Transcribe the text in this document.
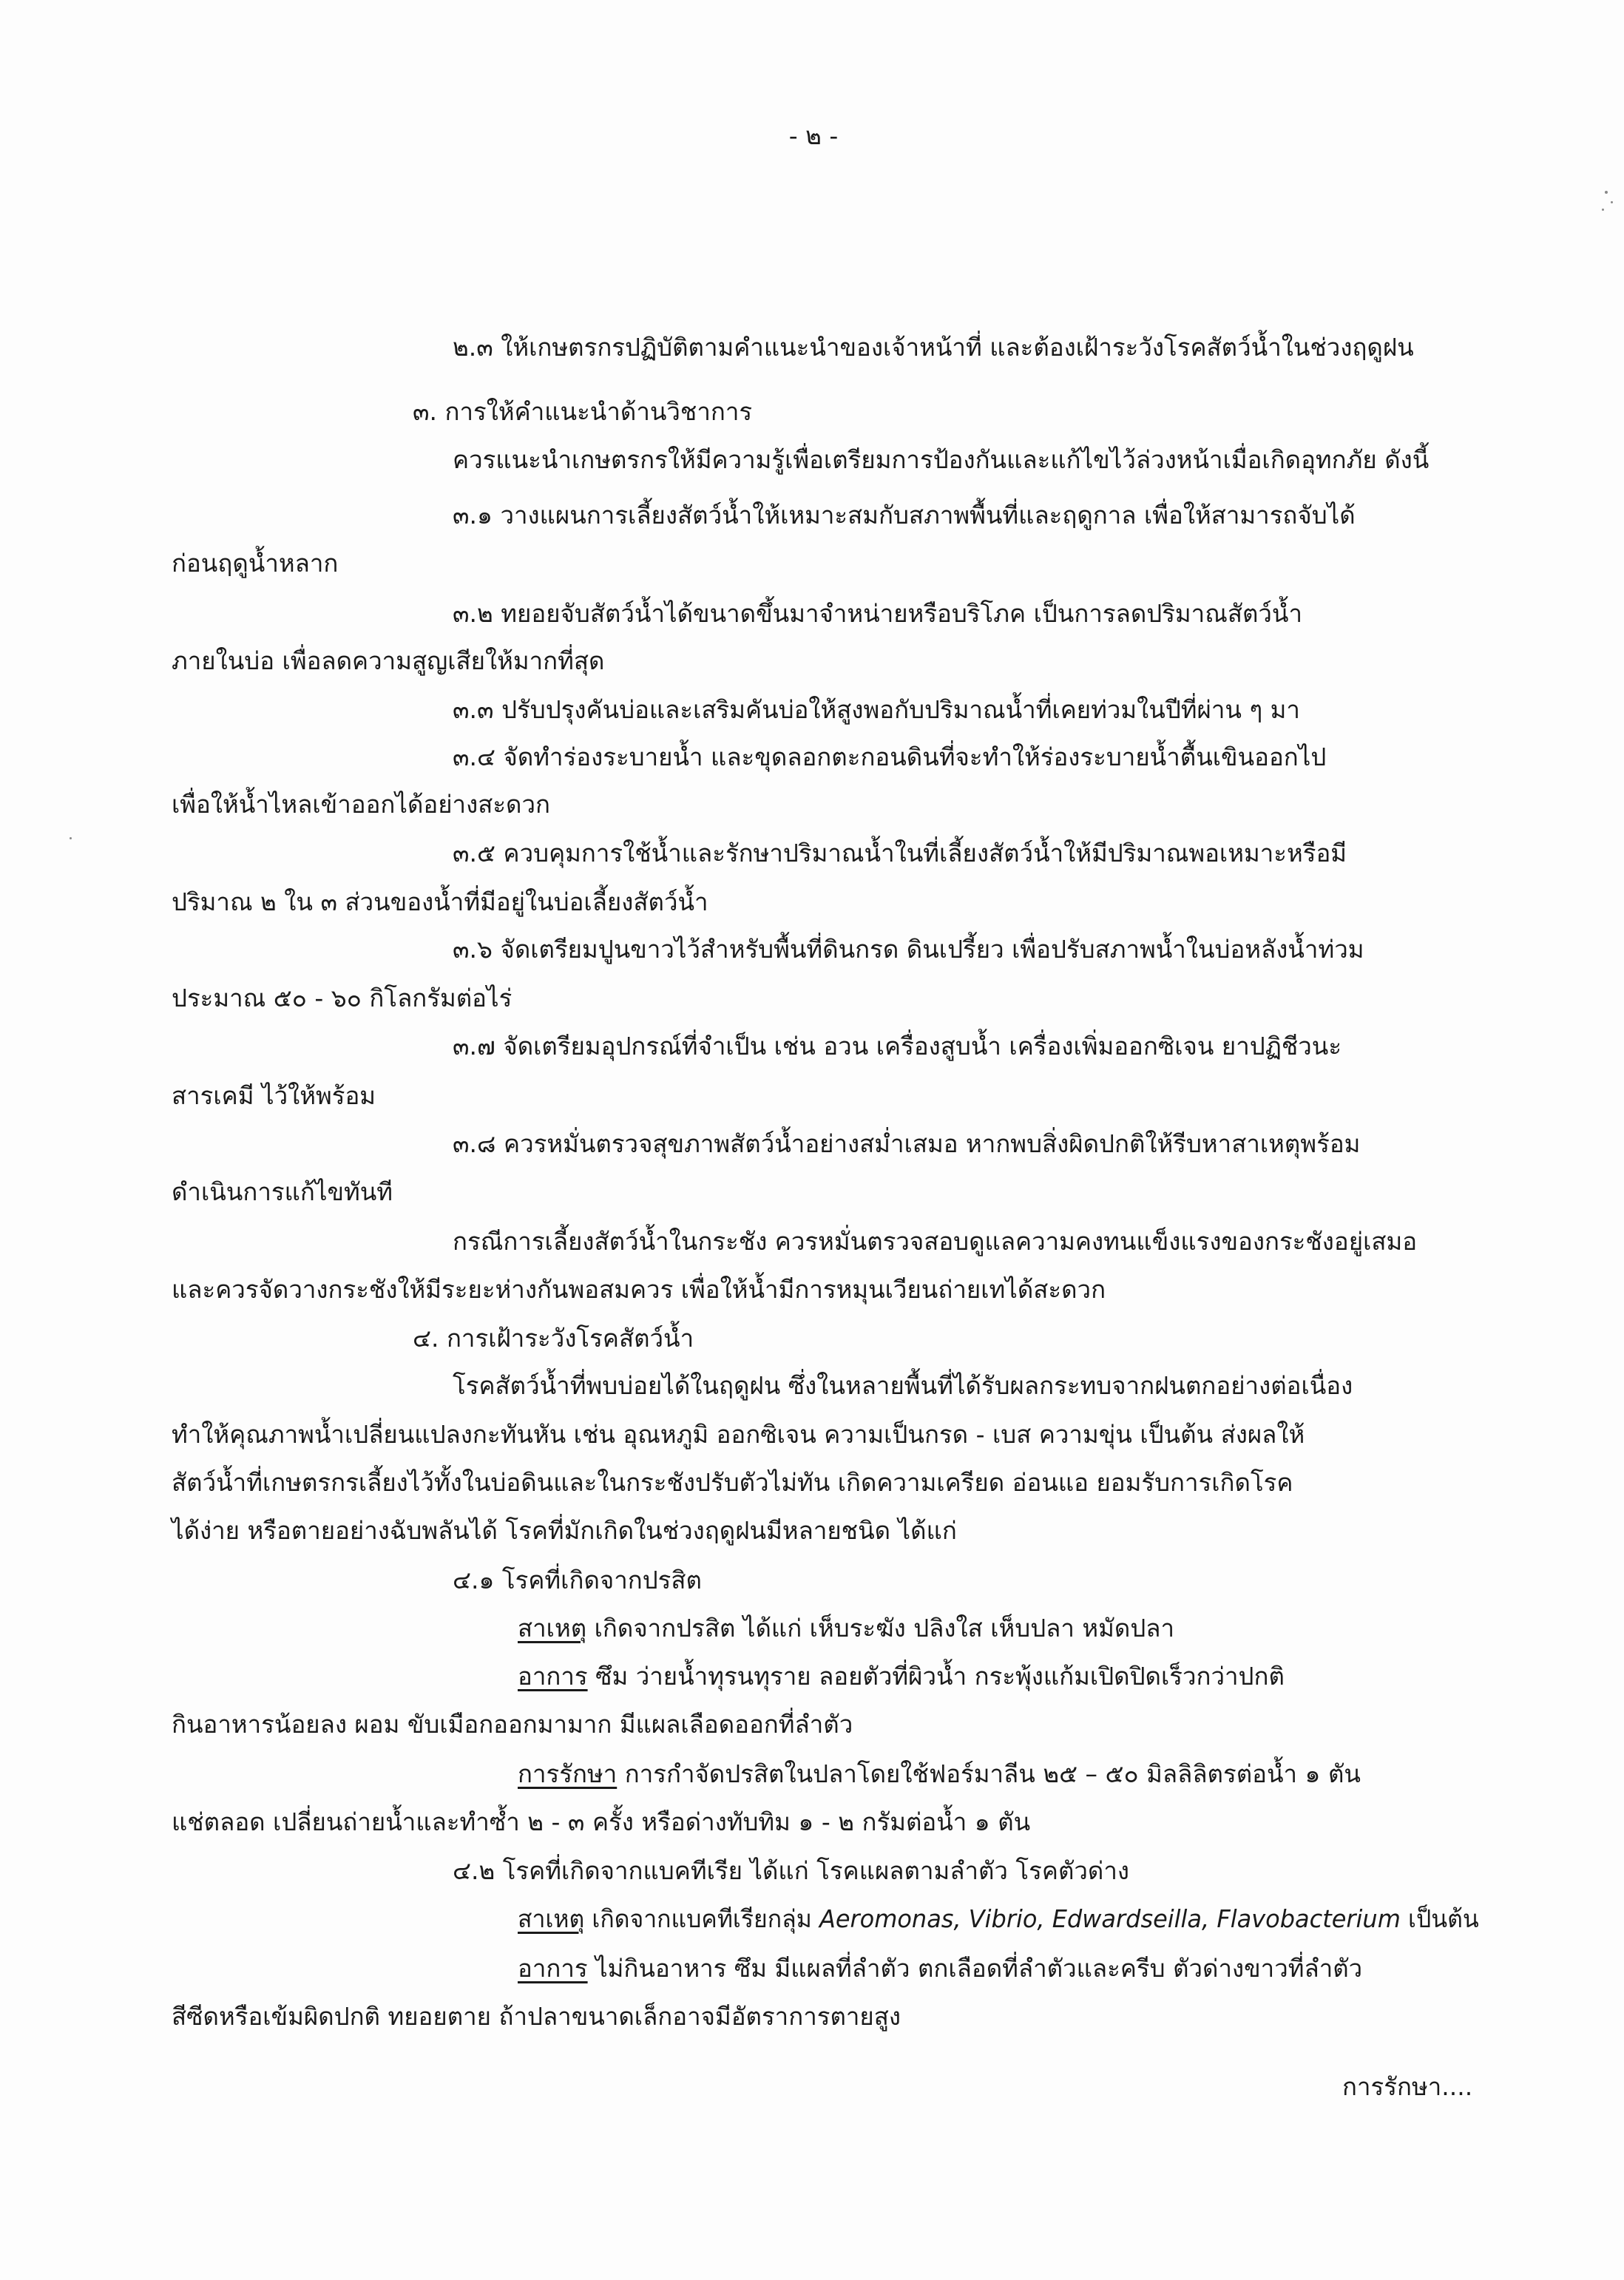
- ๒ -
๒.๓ ให้เกษตรกรปฏิบัติตามคำแนะนำของเจ้าหน้าที่ และต้องเฝ้าระวังโรคสัตว์น้ำในช่วงฤดูฝน
๓. การให้คำแนะนำด้านวิชาการ
ควรแนะนำเกษตรกรให้มีความรู้เพื่อเตรียมการป้องกันและแก้ไขไว้ล่วงหน้าเมื่อเกิดอุทกภัย ดังนี้
๓.๑ วางแผนการเลี้ยงสัตว์น้ำให้เหมาะสมกับสภาพพื้นที่และฤดูกาล เพื่อให้สามารถจับได้
ก่อนฤดูน้ำหลาก
๓.๒ ทยอยจับสัตว์น้ำได้ขนาดขึ้นมาจำหน่ายหรือบริโภค เป็นการลดปริมาณสัตว์น้ำ
ภายในบ่อ เพื่อลดความสูญเสียให้มากที่สุด
๓.๓ ปรับปรุงคันบ่อและเสริมคันบ่อให้สูงพอกับปริมาณน้ำที่เคยท่วมในปีที่ผ่าน ๆ มา
๓.๔ จัดทำร่องระบายน้ำ และขุดลอกตะกอนดินที่จะทำให้ร่องระบายน้ำตื้นเขินออกไป
เพื่อให้น้ำไหลเข้าออกได้อย่างสะดวก
๓.๕ ควบคุมการใช้น้ำและรักษาปริมาณน้ำในที่เลี้ยงสัตว์น้ำให้มีปริมาณพอเหมาะหรือมี
ปริมาณ ๒ ใน ๓ ส่วนของน้ำที่มีอยู่ในบ่อเลี้ยงสัตว์น้ำ
๓.๖ จัดเตรียมปูนขาวไว้สำหรับพื้นที่ดินกรด ดินเปรี้ยว เพื่อปรับสภาพน้ำในบ่อหลังน้ำท่วม
ประมาณ ๕๐ - ๖๐ กิโลกรัมต่อไร่
๓.๗ จัดเตรียมอุปกรณ์ที่จำเป็น เช่น อวน เครื่องสูบน้ำ เครื่องเพิ่มออกซิเจน ยาปฏิชีวนะ
สารเคมี ไว้ให้พร้อม
๓.๘ ควรหมั่นตรวจสุขภาพสัตว์น้ำอย่างสม่ำเสมอ หากพบสิ่งผิดปกติให้รีบหาสาเหตุพร้อม
ดำเนินการแก้ไขทันที
กรณีการเลี้ยงสัตว์น้ำในกระชัง ควรหมั่นตรวจสอบดูแลความคงทนแข็งแรงของกระชังอยู่เสมอ
และควรจัดวางกระชังให้มีระยะห่างกันพอสมควร เพื่อให้น้ำมีการหมุนเวียนถ่ายเทได้สะดวก
๔. การเฝ้าระวังโรคสัตว์น้ำ
โรคสัตว์น้ำที่พบบ่อยได้ในฤดูฝน ซึ่งในหลายพื้นที่ได้รับผลกระทบจากฝนตกอย่างต่อเนื่อง
ทำให้คุณภาพน้ำเปลี่ยนแปลงกะทันหัน เช่น อุณหภูมิ ออกซิเจน ความเป็นกรด - เบส ความขุ่น เป็นต้น ส่งผลให้
สัตว์น้ำที่เกษตรกรเลี้ยงไว้ทั้งในบ่อดินและในกระชังปรับตัวไม่ทัน เกิดความเครียด อ่อนแอ ยอมรับการเกิดโรค
ได้ง่าย หรือตายอย่างฉับพลันได้ โรคที่มักเกิดในช่วงฤดูฝนมีหลายชนิด ได้แก่
๔.๑ โรคที่เกิดจากปรสิต
สาเหตุ เกิดจากปรสิต ได้แก่ เห็บระฆัง ปลิงใส เห็บปลา หมัดปลา
อาการ ซึม ว่ายน้ำทุรนทุราย ลอยตัวที่ผิวน้ำ กระพุ้งแก้มเปิดปิดเร็วกว่าปกติ
กินอาหารน้อยลง ผอม ขับเมือกออกมามาก มีแผลเลือดออกที่ลำตัว
การรักษา การกำจัดปรสิตในปลาโดยใช้ฟอร์มาลีน ๒๕ – ๕๐ มิลลิลิตรต่อน้ำ ๑ ตัน
แช่ตลอด เปลี่ยนถ่ายน้ำและทำซ้ำ ๒ - ๓ ครั้ง หรือด่างทับทิม ๑ - ๒ กรัมต่อน้ำ ๑ ตัน
๔.๒ โรคที่เกิดจากแบคทีเรีย ได้แก่ โรคแผลตามลำตัว โรคตัวด่าง
สาเหตุ เกิดจากแบคทีเรียกลุ่ม Aeromonas, Vibrio, Edwardseilla, Flavobacterium เป็นต้น
อาการ ไม่กินอาหาร ซึม มีแผลที่ลำตัว ตกเลือดที่ลำตัวและครีบ ตัวด่างขาวที่ลำตัว
สีซีดหรือเข้มผิดปกติ ทยอยตาย ถ้าปลาขนาดเล็กอาจมีอัตราการตายสูง
การรักษา....
